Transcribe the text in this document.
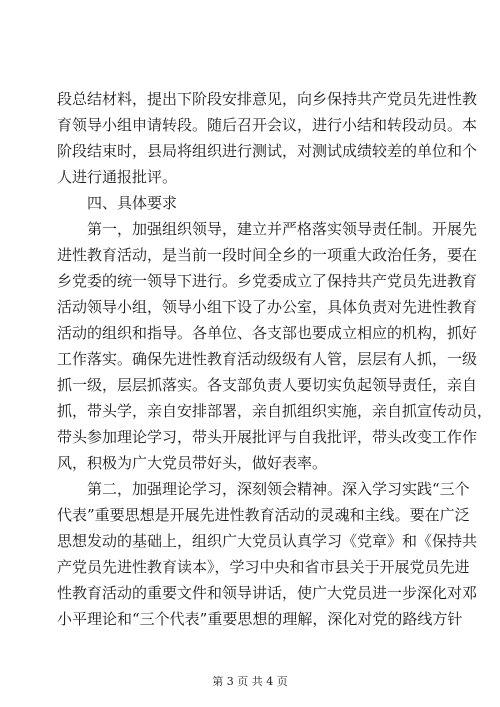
段总结材料，提出下阶段安排意见，向乡保持共产党员先进性教
育领导小组申请转段。随后召开会议，进行小结和转段动员。本
阶段结束时，县局将组织进行测试，对测试成绩较差的单位和个
人进行通报批评。
　　四、具体要求
　　第一，加强组织领导，建立并严格落实领导责任制。开展先
进性教育活动，是当前一段时间全乡的一项重大政治任务，要在
乡党委的统一领导下进行。乡党委成立了保持共产党员先进教育
活动领导小组，领导小组下设了办公室，具体负责对先进性教育
活动的组织和指导。各单位、各支部也要成立相应的机构，抓好
工作落实。确保先进性教育活动级级有人管，层层有人抓，一级
抓一级，层层抓落实。各支部负责人要切实负起领导责任，亲自
抓，带头学，亲自安排部署，亲自抓组织实施，亲自抓宣传动员，
带头参加理论学习，带头开展批评与自我批评，带头改变工作作
风，积极为广大党员带好头，做好表率。
　　第二，加强理论学习，深刻领会精神。深入学习实践“三个
代表”重要思想是开展先进性教育活动的灵魂和主线。要在广泛
思想发动的基础上，组织广大党员认真学习《党章》和《保持共
产党员先进性教育读本》，学习中央和省市县关于开展党员先进
性教育活动的重要文件和领导讲话，使广大党员进一步深化对邓
小平理论和“三个代表”重要思想的理解，深化对党的路线方针
第 3 页 共 4 页
